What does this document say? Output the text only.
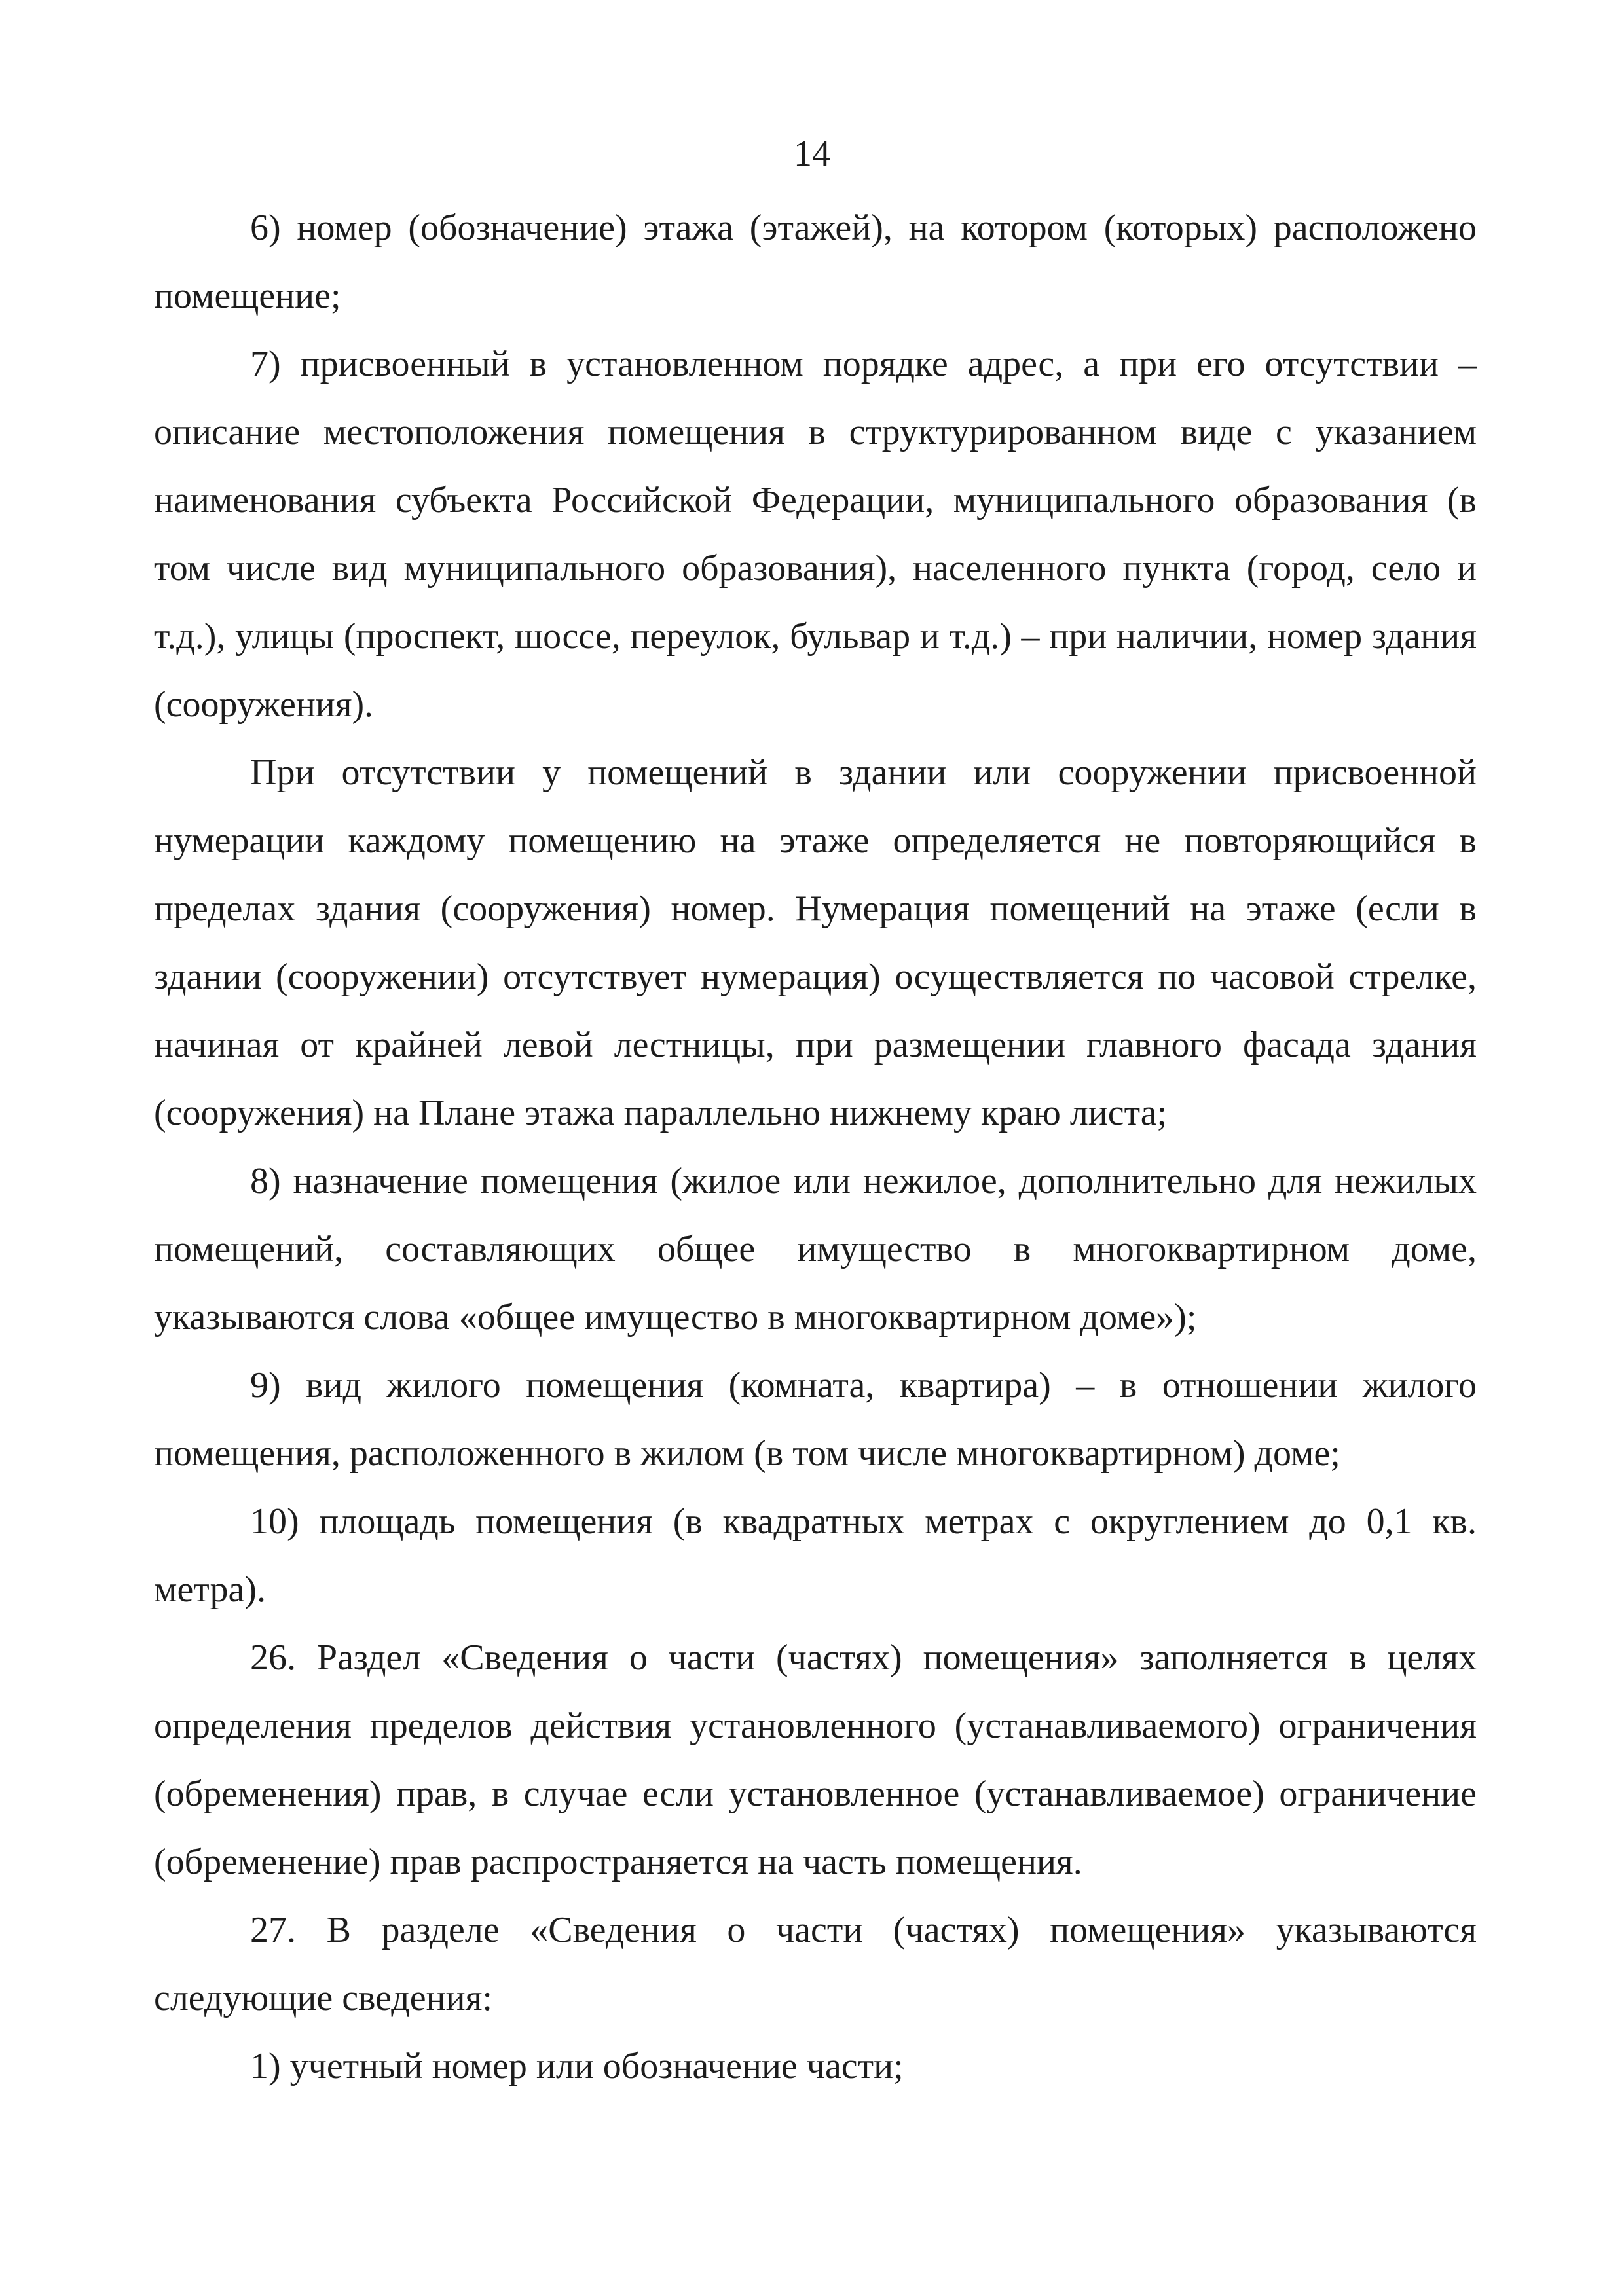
14

6) номер (обозначение) этажа (этажей), на котором (которых) расположено помещение;

7) присвоенный в установленном порядке адрес, а при его отсутствии – описание местоположения помещения в структурированном виде с указанием наименования субъекта Российской Федерации, муниципального образования (в том числе вид муниципального образования), населенного пункта (город, село и т.д.), улицы (проспект, шоссе, переулок, бульвар и т.д.) – при наличии, номер здания (сооружения).

При отсутствии у помещений в здании или сооружении присвоенной нумерации каждому помещению на этаже определяется не повторяющийся в пределах здания (сооружения) номер. Нумерация помещений на этаже (если в здании (сооружении) отсутствует нумерация) осуществляется по часовой стрелке, начиная от крайней левой лестницы, при размещении главного фасада здания (сооружения) на Плане этажа параллельно нижнему краю листа;

8) назначение помещения (жилое или нежилое, дополнительно для нежилых помещений, составляющих общее имущество в многоквартирном доме, указываются слова «общее имущество в многоквартирном доме»);

9) вид жилого помещения (комната, квартира) – в отношении жилого помещения, расположенного в жилом (в том числе многоквартирном) доме;

10) площадь помещения (в квадратных метрах с округлением до 0,1 кв. метра).

26. Раздел «Сведения о части (частях) помещения» заполняется в целях определения пределов действия установленного (устанавливаемого) ограничения (обременения) прав, в случае если установленное (устанавливаемое) ограничение (обременение) прав распространяется на часть помещения.

27. В разделе «Сведения о части (частях) помещения» указываются следующие сведения:

1) учетный номер или обозначение части;
